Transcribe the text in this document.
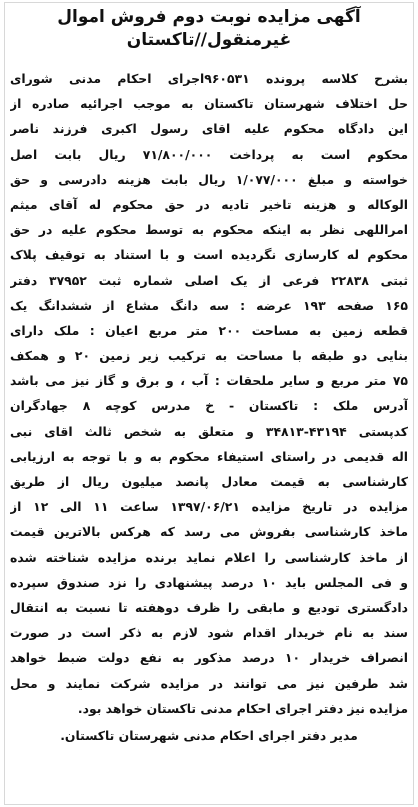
آگهی مزایده نوبت دوم فروش اموال
غیرمنقول//تاکستان
بشرح کلاسه پرونده ۹۶۰۵۳۱اجرای احکام مدنی شورای
حل اختلاف شهرستان تاکستان به موجب اجرائیه صادره از
این دادگاه محکوم علیه اقای رسول اکبری فرزند ناصر
محکوم است به پرداخت ۷۱/۸۰۰/۰۰۰ ریال بابت اصل
خواسته و مبلغ ۱/۰۷۷/۰۰۰ ریال بابت هزینه دادرسی و حق
الوکاله و هزینه تاخیر تادیه در حق محکوم له آقای میثم
امراللهی نظر به اینکه محکوم به توسط محکوم علیه در حق
محکوم له کارسازی نگردیده است و با استناد به توقیف پلاک
ثبتی ۲۲۸۳۸ فرعی از یک اصلی شماره ثبت ۳۷۹۵۲ دفتر
۱۶۵ صفحه ۱۹۳ عرضه : سه دانگ مشاع از ششدانگ یک
قطعه زمین به مساحت ۲۰۰ متر مربع اعیان : ملک دارای
بنایی دو طبقه با مساحت به ترکیب زیر زمین ۲۰ و همکف
۷۵ متر مربع و سایر ملحقات : آب ، و برق و گاز نیز می باشد
آدرس ملک : تاکستان - خ مدرس کوچه ۸ جهادگران
کدپستی ۴۳۱۹۴-۳۴۸۱۳ و متعلق به شخص ثالث اقای نبی
اله قدیمی در راستای استیفاء محکوم به و با توجه به ارزیابی
کارشناسی به قیمت معادل پانصد میلیون ریال از طریق
مزایده در تاریخ مزایده ۱۳۹۷/۰۶/۲۱ ساعت ۱۱ الی ۱۲ از
ماخذ کارشناسی بفروش می رسد که هرکس بالاترین قیمت
از ماخذ کارشناسی را اعلام نماید برنده مزایده شناخته شده
و فی المجلس باید ۱۰ درصد پیشنهادی را نزد صندوق سپرده
دادگستری تودیع و مابقی را ظرف دوهفته تا نسبت به انتقال
سند به نام خریدار اقدام شود لازم به ذکر است در صورت
انصراف خریدار ۱۰ درصد مذکور به نفع دولت ضبط خواهد
شد طرفین نیز می توانند در مزایده شرکت نمایند و محل
مزایده نیز دفتر اجرای احکام مدنی تاکستان خواهد بود.
مدیر دفتر اجرای احکام مدنی شهرستان تاکستان.
